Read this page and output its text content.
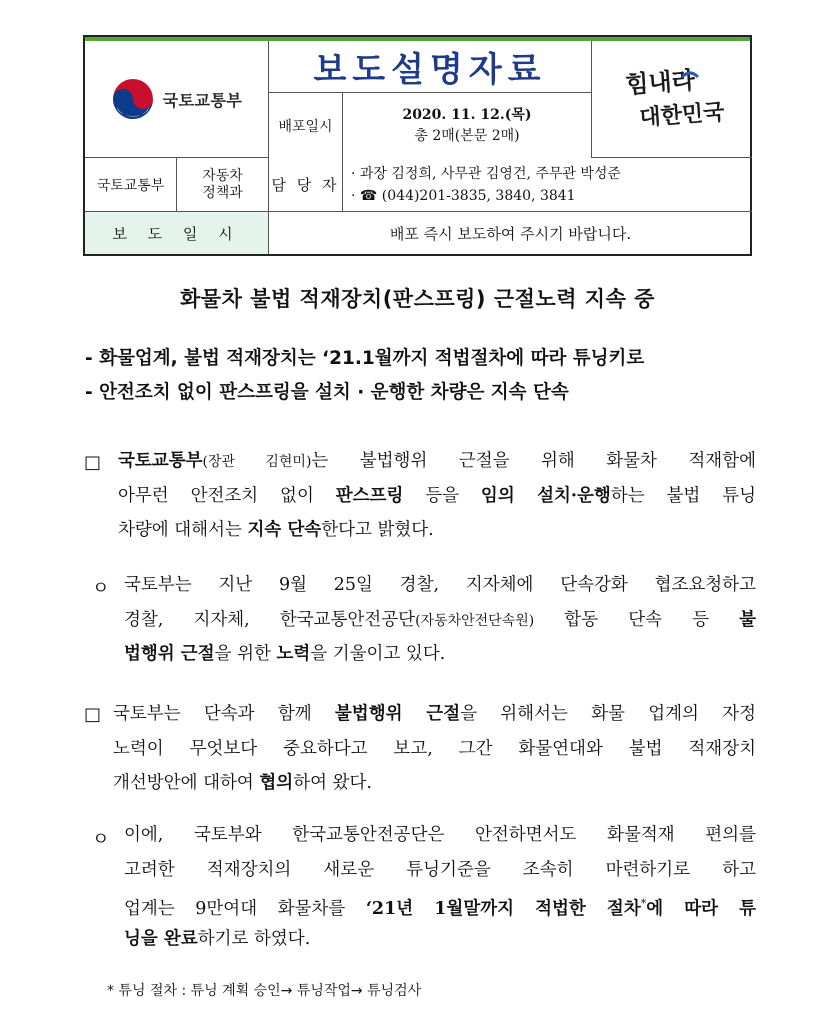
국토교통부
보도설명자료	힘내라
대한민국
배포일시
2020. 11. 12.(목)
총 2매(본문 2매)
국토교통부
자동차
정책과 담 당 자
· 과장 김정희, 사무관 김영건, 주무관 박성준
· ☎ (044)201-3835, 3840, 3841
보 도 일 시	배포 즉시 보도하여 주시기 바랍니다.
화물차 불법 적재장치(판스프링) 근절노력 지속 중
- 화물업계, 불법 적재장치는 ‘21.1월까지 적법절차에 따라 튜닝키로
- 안전조치 없이 판스프링을 설치 · 운행한 차량은 지속 단속
□ 국토교통부(장관 김현미)는 불법행위 근절을 위해 화물차 적재함에
아무런 안전조치 없이 판스프링 등을 임의 설치·운행하는 불법 튜닝
차량에 대해서는 지속 단속한다고 밝혔다.
ㅇ 국토부는 지난 9월 25일 경찰, 지자체에 단속강화 협조요청하고
경찰, 지자체, 한국교통안전공단(자동차안전단속원) 합동 단속 등 불
법행위 근절을 위한 노력을 기울이고 있다.
□ 국토부는 단속과 함께 불법행위 근절을 위해서는 화물 업계의 자정
노력이 무엇보다 중요하다고 보고, 그간 화물연대와 불법 적재장치
개선방안에 대하여 협의하여 왔다.
ㅇ 이에, 국토부와 한국교통안전공단은 안전하면서도 화물적재 편의를
고려한 적재장치의 새로운 튜닝기준을 조속히 마련하기로 하고
업계는 9만여대 화물차를 ‘21년 1월말까지 적법한 절차*에 따라 튜
닝을 완료하기로 하였다.
* 튜닝 절차 : 튜닝 계획 승인→ 튜닝작업→ 튜닝검사
